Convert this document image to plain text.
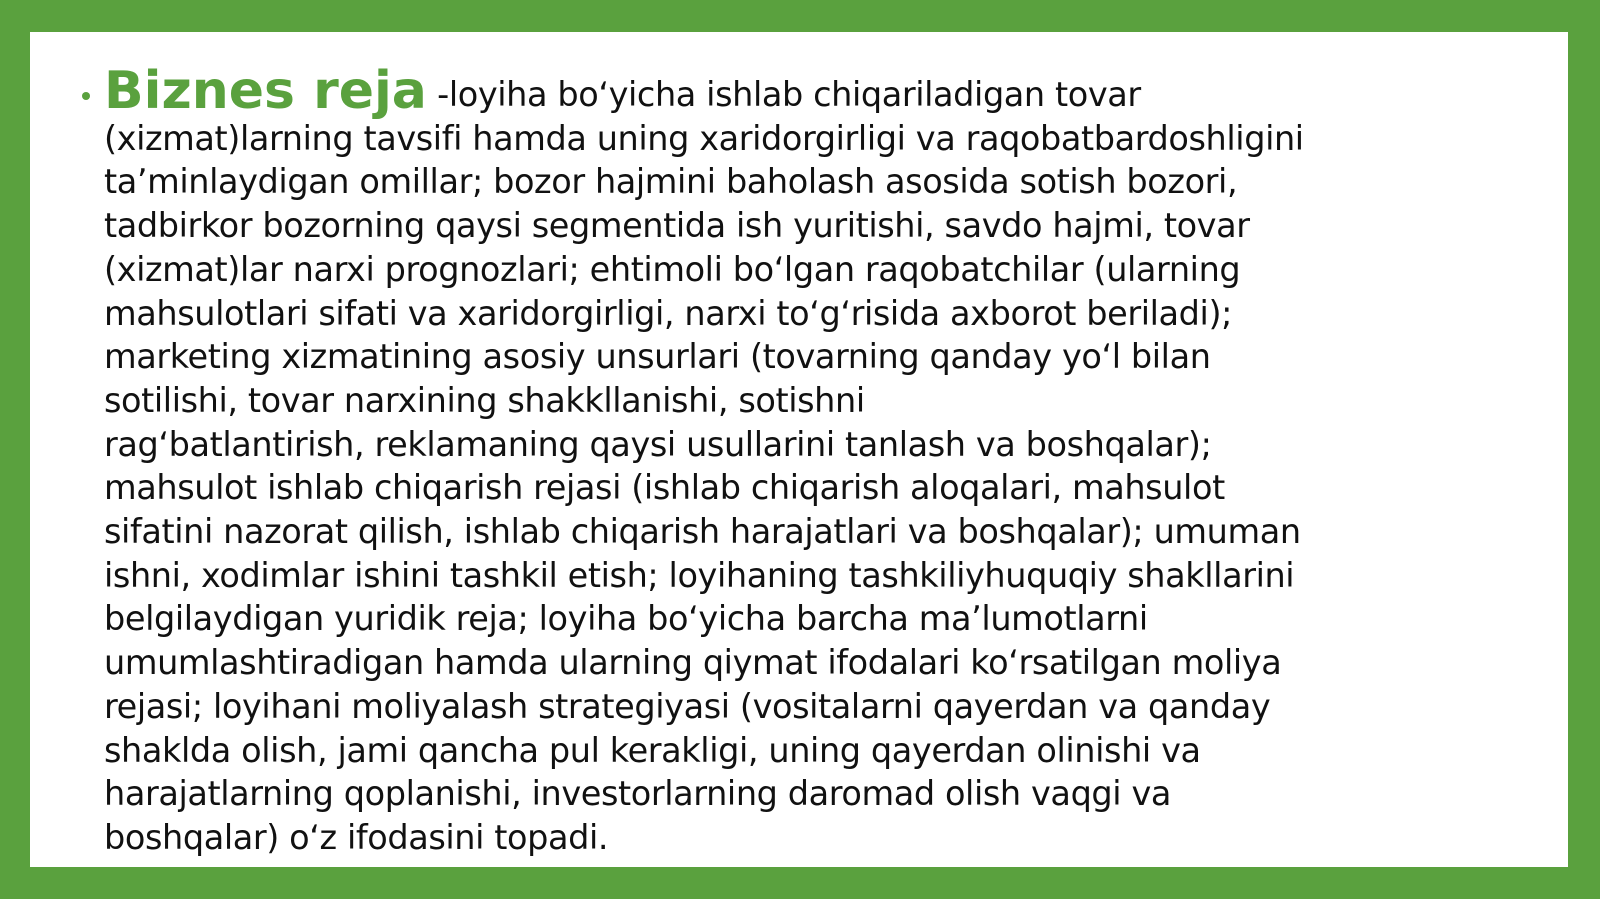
Biznes reja -loyiha bo‘yicha ishlab chiqariladigan tovar
(xizmat)larning tavsifi hamda uning xaridorgirligi va raqobatbardoshligini
ta’minlaydigan omillar; bozor hajmini baholash asosida sotish bozori,
tadbirkor bozorning qaysi segmentida ish yuritishi, savdo hajmi, tovar
(xizmat)lar narxi prognozlari; ehtimoli bo‘lgan raqobatchilar (ularning
mahsulotlari sifati va xaridorgirligi, narxi to‘g‘risida axborot beriladi);
marketing xizmatining asosiy unsurlari (tovarning qanday yo‘l bilan
sotilishi, tovar narxining shakkllanishi, sotishni
rag‘batlantirish, reklamaning qaysi usullarini tanlash va boshqalar);
mahsulot ishlab chiqarish rejasi (ishlab chiqarish aloqalari, mahsulot
sifatini nazorat qilish, ishlab chiqarish harajatlari va boshqalar); umuman
ishni, xodimlar ishini tashkil etish; loyihaning tashkiliyhuquqiy shakllarini
belgilaydigan yuridik reja; loyiha bo‘yicha barcha ma’lumotlarni
umumlashtiradigan hamda ularning qiymat ifodalari ko‘rsatilgan moliya
rejasi; loyihani moliyalash strategiyasi (vositalarni qayerdan va qanday
shaklda olish, jami qancha pul kerakligi, uning qayerdan olinishi va
harajatlarning qoplanishi, investorlarning daromad olish vaqgi va
boshqalar) o‘z ifodasini topadi.
